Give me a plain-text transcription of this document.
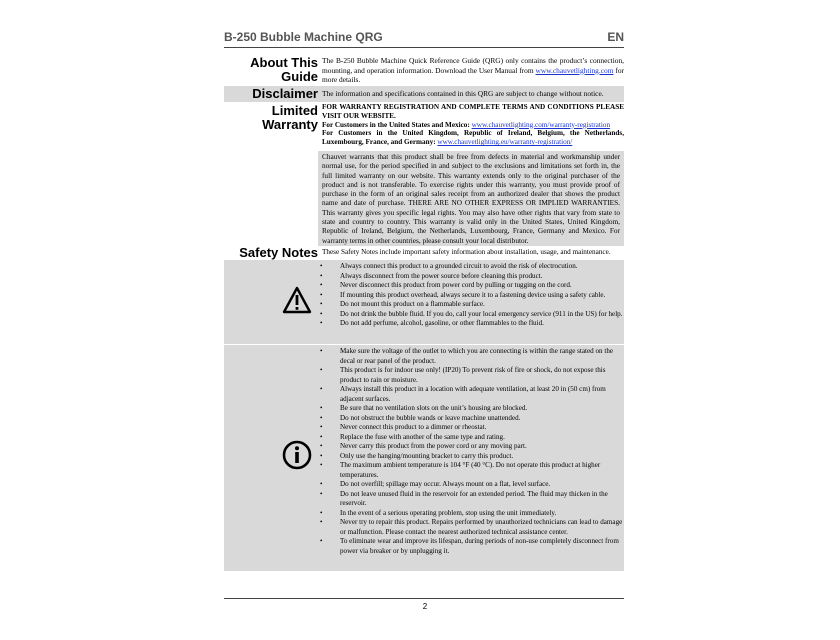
B-250 Bubble Machine QRG	EN
About This
Guide
The B-250 Bubble Machine Quick Reference Guide (QRG) only contains the product’s connection, mounting, and operation information. Download the User Manual from www.chauvetlighting.com for more details.
Disclaimer The information and specifications contained in this QRG are subject to change without notice.
Limited
Warranty
FOR WARRANTY REGISTRATION AND COMPLETE TERMS AND CONDITIONS PLEASE VISIT OUR WEBSITE.
For Customers in the United States and Mexico: www.chauvetlighting.com/warranty-registration
For Customers in the United Kingdom, Republic of Ireland, Belgium, the Netherlands, Luxembourg, France, and Germany: www.chauvetlighting.eu/warranty-registration/
Chauvet warrants that this product shall be free from defects in material and workmanship under normal use, for the period specified in and subject to the exclusions and limitations set forth in, the full limited warranty on our website. This warranty extends only to the original purchaser of the product and is not transferable. To exercise rights under this warranty, you must provide proof of purchase in the form of an original sales receipt from an authorized dealer that shows the product name and date of purchase. THERE ARE NO OTHER EXPRESS OR IMPLIED WARRANTIES. This warranty gives you specific legal rights. You may also have other rights that vary from state to state and country to country. This warranty is valid only in the United States, United Kingdom, Republic of Ireland, Belgium, the Netherlands, Luxembourg, France, Germany and Mexico. For warranty terms in other countries, please consult your local distributor.
Safety Notes These Safety Notes include important safety information about installation, usage, and maintenance.
• Always connect this product to a grounded circuit to avoid the risk of electrocution.
• Always disconnect from the power source before cleaning this product.
• Never disconnect this product from power cord by pulling or tugging on the cord.
• If mounting this product overhead, always secure it to a fastening device using a safety cable.
• Do not mount this product on a flammable surface.
• Do not drink the bubble fluid. If you do, call your local emergency service (911 in the US) for help.
• Do not add perfume, alcohol, gasoline, or other flammables to the fluid.
• Make sure the voltage of the outlet to which you are connecting is within the range stated on the decal or rear panel of the product.
• This product is for indoor use only! (IP20) To prevent risk of fire or shock, do not expose this product to rain or moisture.
• Always install this product in a location with adequate ventilation, at least 20 in (50 cm) from adjacent surfaces.
• Be sure that no ventilation slots on the unit’s housing are blocked.
• Do not obstruct the bubble wands or leave machine unattended.
• Never connect this product to a dimmer or rheostat.
• Replace the fuse with another of the same type and rating.
• Never carry this product from the power cord or any moving part.
• Only use the hanging/mounting bracket to carry this product.
• The maximum ambient temperature is 104 °F (40 °C). Do not operate this product at higher temperatures.
• Do not overfill; spillage may occur. Always mount on a flat, level surface.
• Do not leave unused fluid in the reservoir for an extended period. The fluid may thicken in the reservoir.
• In the event of a serious operating problem, stop using the unit immediately.
• Never try to repair this product. Repairs performed by unauthorized technicians can lead to damage or malfunction. Please contact the nearest authorized technical assistance center.
• To eliminate wear and improve its lifespan, during periods of non-use completely disconnect from power via breaker or by unplugging it.
2
